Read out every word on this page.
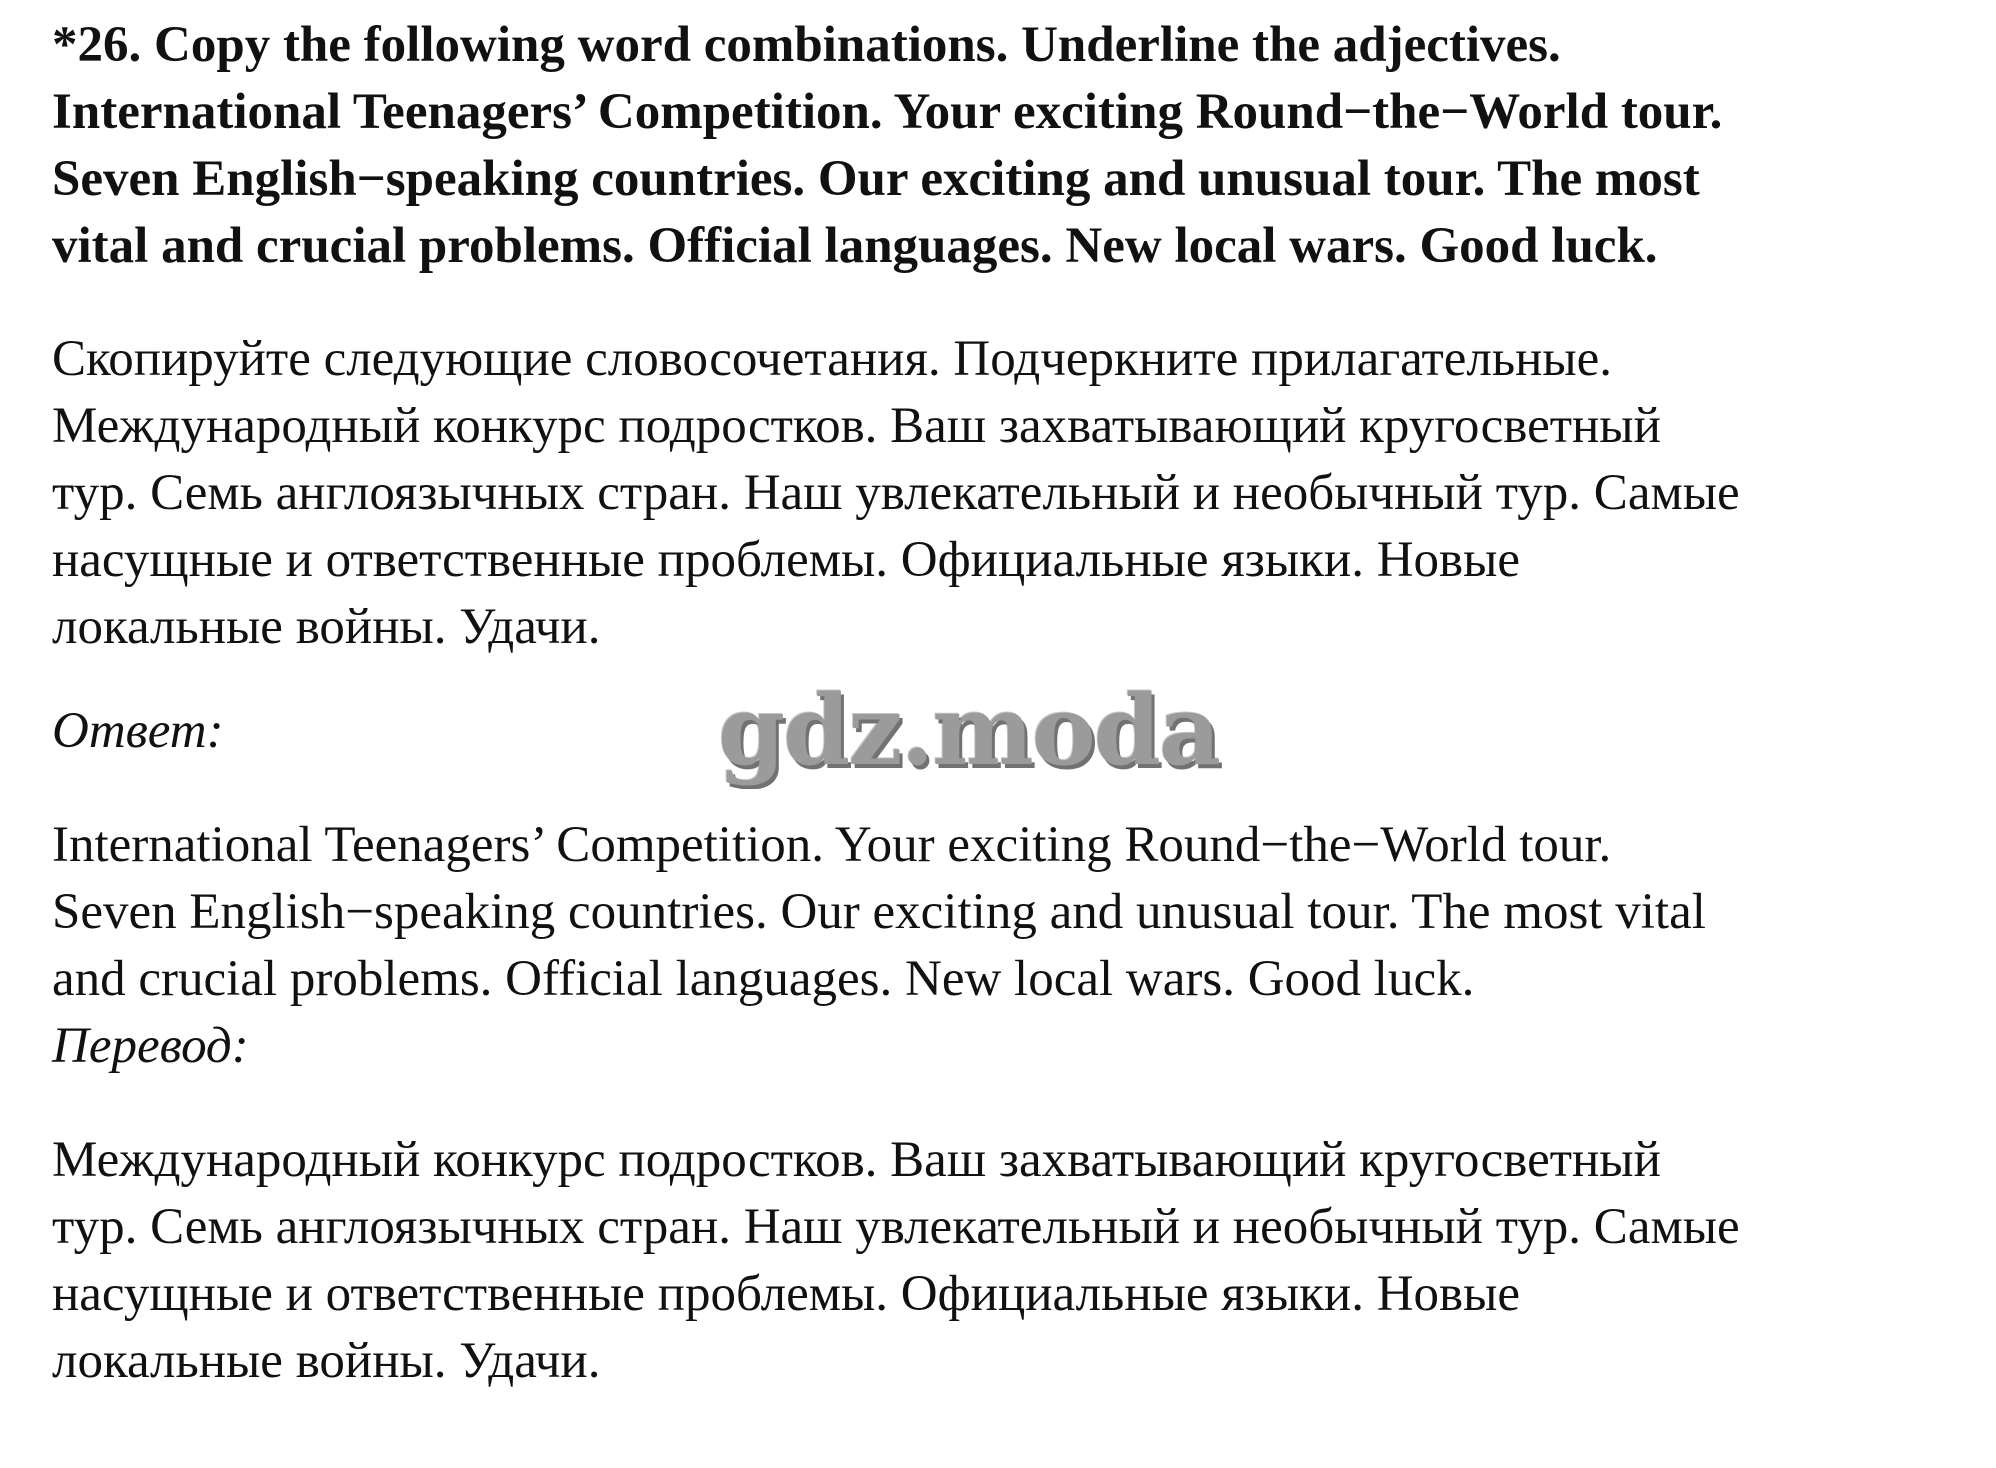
*26. Copy the following word combinations. Underline the adjectives.
International Teenagers’ Competition. Your exciting Round−the−World tour.
Seven English−speaking countries. Our exciting and unusual tour. The most
vital and crucial problems. Official languages. New local wars. Good luck.
Скопируйте следующие словосочетания. Подчеркните прилагательные.
Международный конкурс подростков. Ваш захватывающий кругосветный
тур. Семь англоязычных стран. Наш увлекательный и необычный тур. Самые
насущные и ответственные проблемы. Официальные языки. Новые
локальные войны. Удачи.
Ответ:	gdz.moda
International Teenagers’ Competition. Your exciting Round−the−World tour.
Seven English−speaking countries. Our exciting and unusual tour. The most vital
and crucial problems. Official languages. New local wars. Good luck.
Перевод:
Международный конкурс подростков. Ваш захватывающий кругосветный
тур. Семь англоязычных стран. Наш увлекательный и необычный тур. Самые
насущные и ответственные проблемы. Официальные языки. Новые
локальные войны. Удачи.
